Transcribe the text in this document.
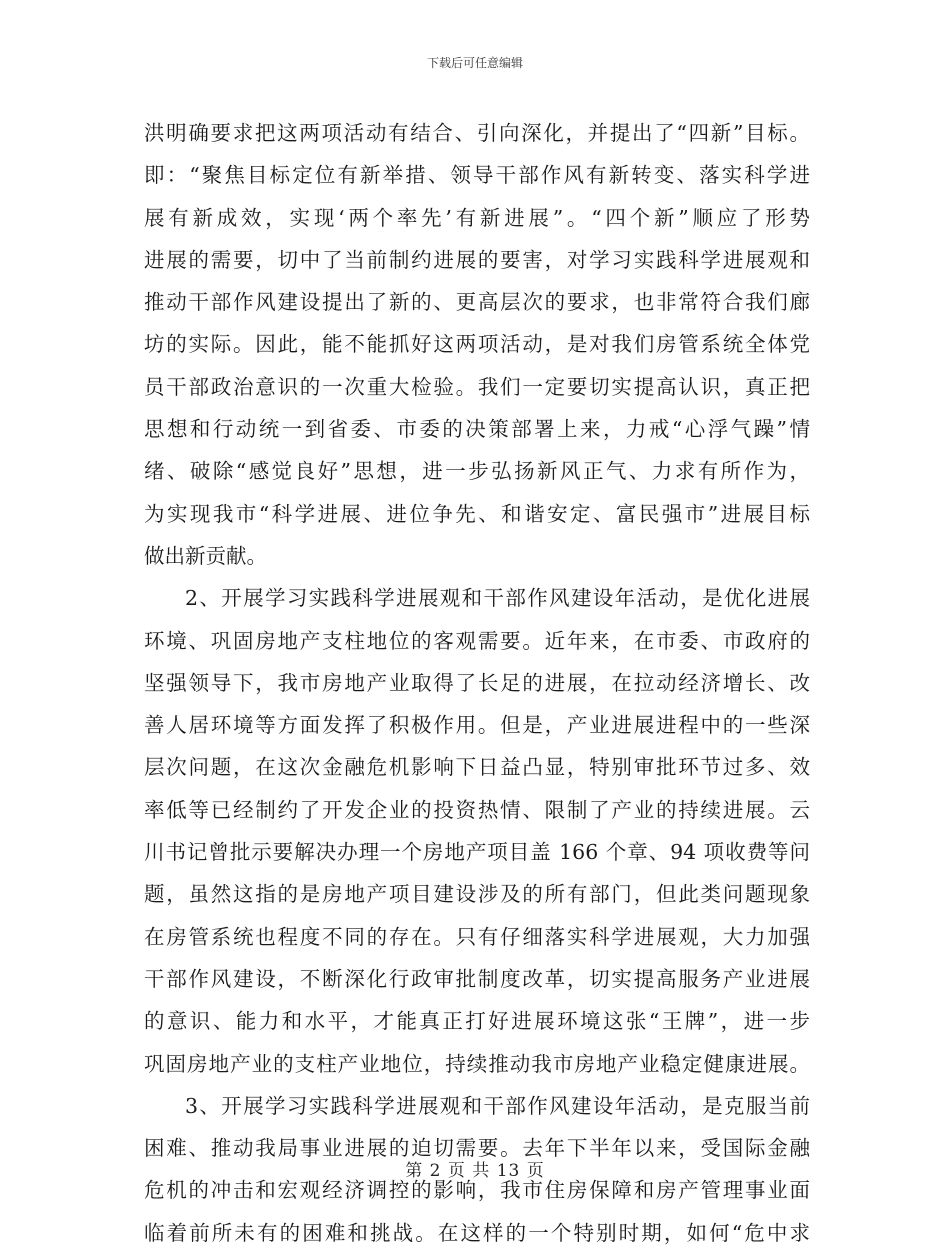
下载后可任意编辑
洪明确要求把这两项活动有结合、引向深化，并提出了“四新”目标。
即：“聚焦目标定位有新举措、领导干部作风有新转变、落实科学进
展有新成效，实现‘两个率先’有新进展”。“四个新”顺应了形势
进展的需要，切中了当前制约进展的要害，对学习实践科学进展观和
推动干部作风建设提出了新的、更高层次的要求，也非常符合我们廊
坊的实际。因此，能不能抓好这两项活动，是对我们房管系统全体党
员干部政治意识的一次重大检验。我们一定要切实提高认识，真正把
思想和行动统一到省委、市委的决策部署上来，力戒“心浮气躁”情
绪、破除“感觉良好”思想，进一步弘扬新风正气、力求有所作为，
为实现我市“科学进展、进位争先、和谐安定、富民强市”进展目标
做出新贡献。
2、开展学习实践科学进展观和干部作风建设年活动，是优化进展
环境、巩固房地产支柱地位的客观需要。近年来，在市委、市政府的
坚强领导下，我市房地产业取得了长足的进展，在拉动经济增长、改
善人居环境等方面发挥了积极作用。但是，产业进展进程中的一些深
层次问题，在这次金融危机影响下日益凸显，特别审批环节过多、效
率低等已经制约了开发企业的投资热情、限制了产业的持续进展。云
川书记曾批示要解决办理一个房地产项目盖 166 个章、94 项收费等问
题，虽然这指的是房地产项目建设涉及的所有部门，但此类问题现象
在房管系统也程度不同的存在。只有仔细落实科学进展观，大力加强
干部作风建设，不断深化行政审批制度改革，切实提高服务产业进展
的意识、能力和水平，才能真正打好进展环境这张“王牌”，进一步
巩固房地产业的支柱产业地位，持续推动我市房地产业稳定健康进展。
3、开展学习实践科学进展观和干部作风建设年活动，是克服当前
困难、推动我局事业进展的迫切需要。去年下半年以来，受国际金融
危机的冲击和宏观经济调控的影响，我市住房保障和房产管理事业面
临着前所未有的困难和挑战。在这样的一个特别时期，如何“危中求
第 2 页 共 13 页
